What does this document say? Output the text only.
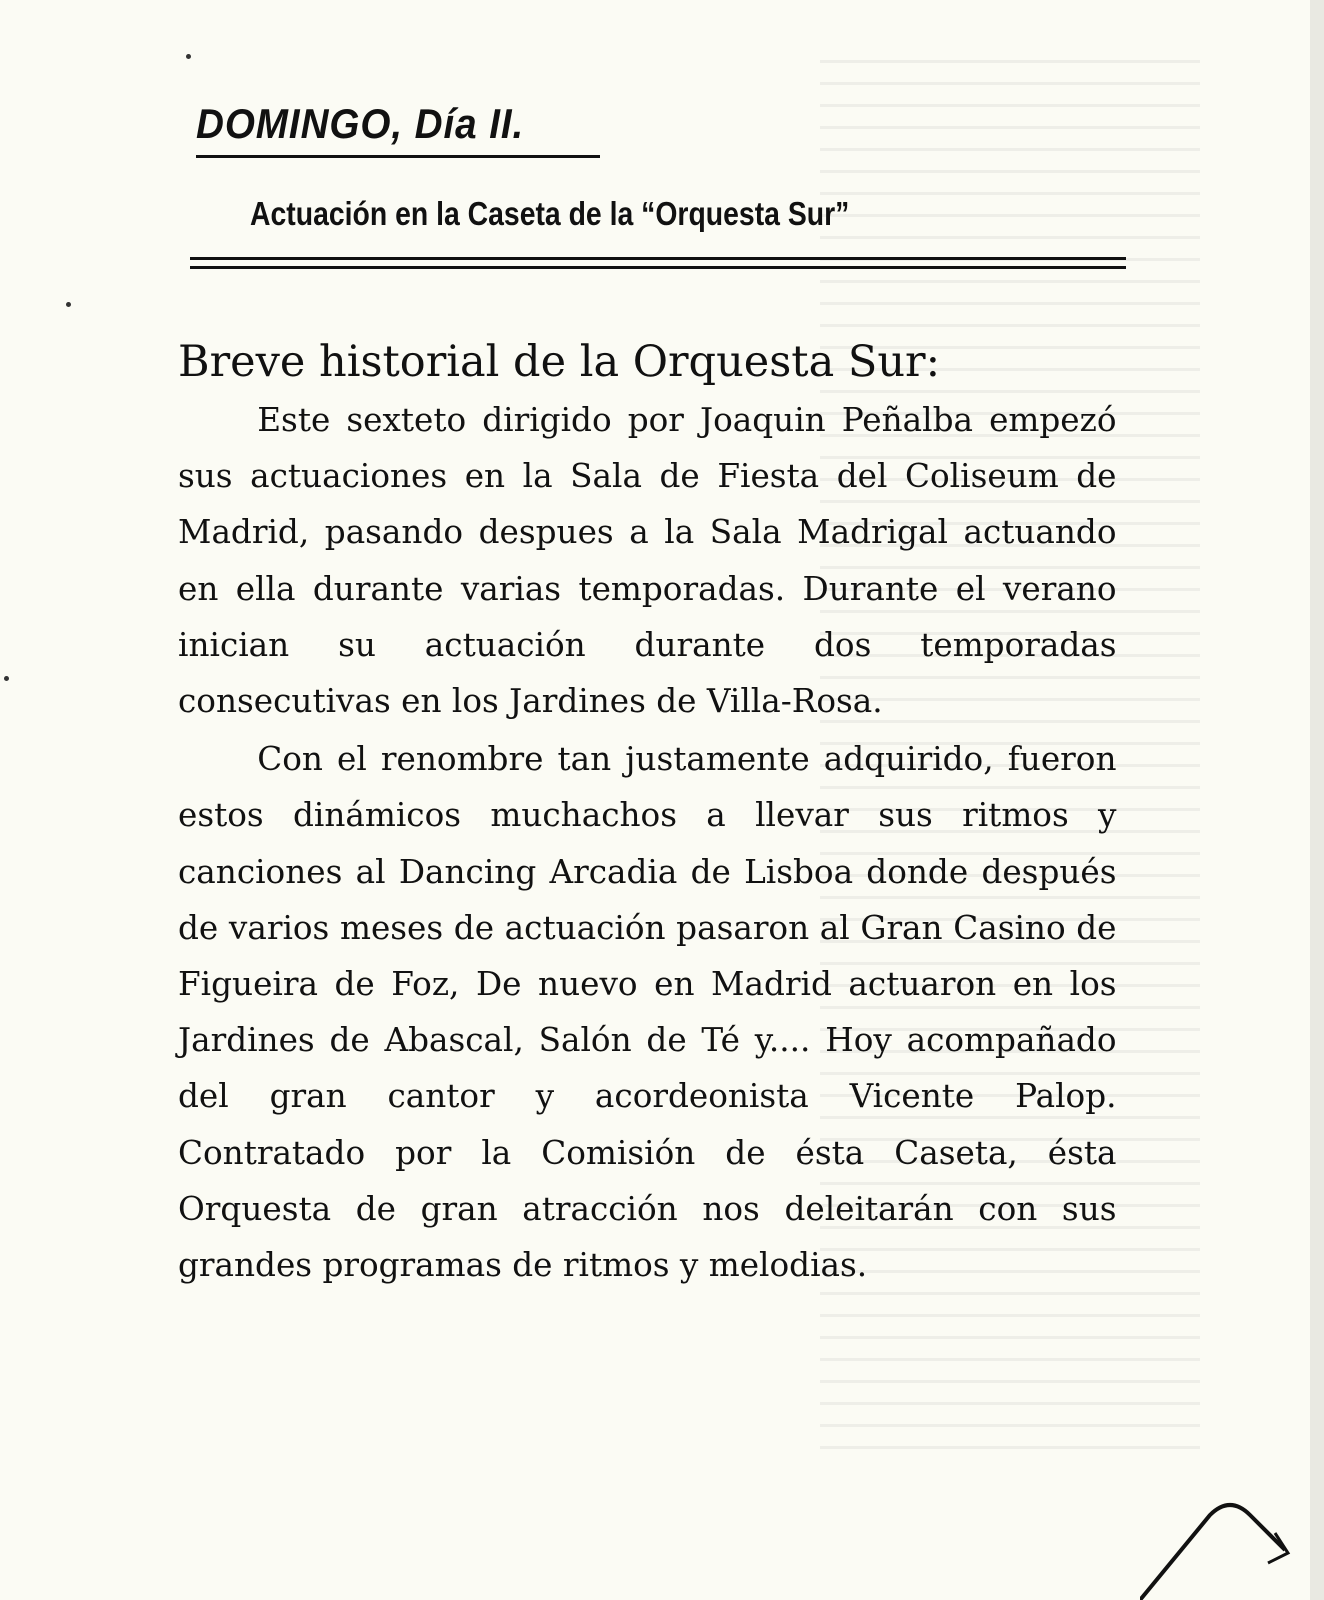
DOMINGO, Día II.
Actuación en la Caseta de la “Orquesta Sur”
Breve historial de la Orquesta Sur:

Este sexteto dirigido por Joaquin Peñalba empezó sus actuaciones en la Sala de Fiesta del Coliseum de Madrid, pasando despues a la Sala Madrigal actuando en ella durante varias temporadas. Durante el verano inician su actuación durante dos temporadas consecutivas en los Jardines de Villa-Rosa.

Con el renombre tan justamente adquirido, fueron estos dinámicos muchachos a llevar sus ritmos y canciones al Dancing Arcadia de Lisboa donde después de varios meses de actuación pasaron al Gran Casino de Figueira de Foz, De nuevo en Madrid actuaron en los Jardines de Abascal, Salón de Té y.... Hoy acompañado del gran cantor y acordeonista Vicente Palop. Contratado por la Comisión de ésta Caseta, ésta Orquesta de gran atracción nos deleitarán con sus grandes programas de ritmos y melodias.
